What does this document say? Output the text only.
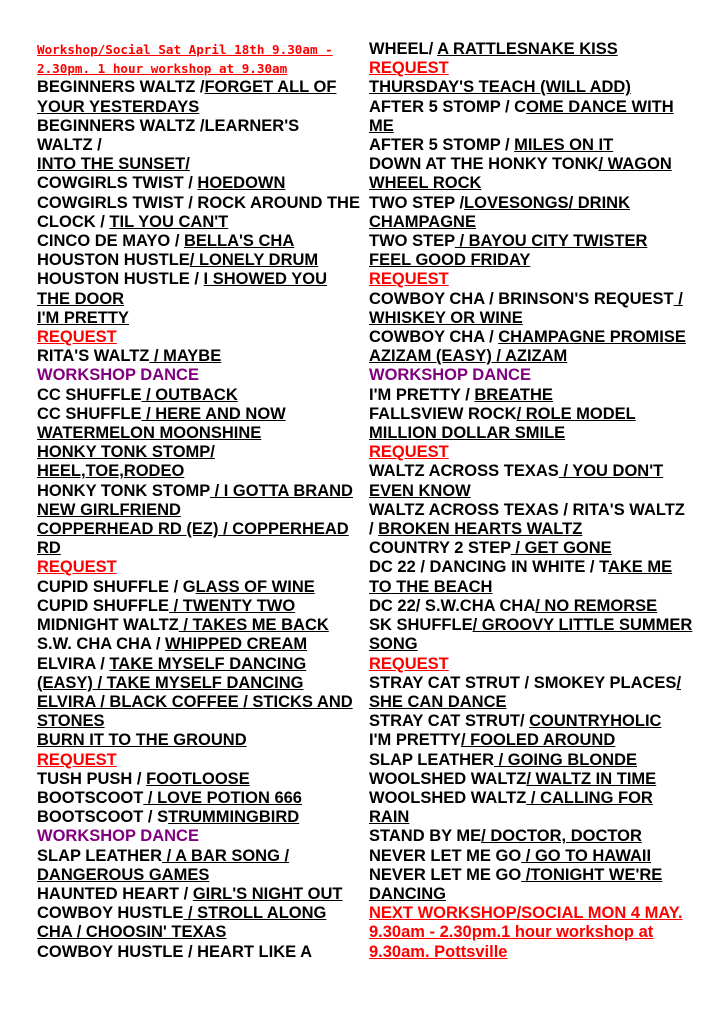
Workshop/Social Sat April 18th 9.30am -
2.30pm. 1 hour workshop at 9.30am
BEGINNERS WALTZ /FORGET ALL OF
YOUR YESTERDAYS
BEGINNERS WALTZ /LEARNER'S
WALTZ /
INTO THE SUNSET/
COWGIRLS TWIST / HOEDOWN
COWGIRLS TWIST / ROCK AROUND THE
CLOCK / TIL YOU CAN'T
CINCO DE MAYO / BELLA'S CHA
HOUSTON HUSTLE/ LONELY DRUM
HOUSTON HUSTLE / I SHOWED YOU
THE DOOR
I'M PRETTY
REQUEST
RITA'S WALTZ / MAYBE
WORKSHOP DANCE
CC SHUFFLE / OUTBACK
CC SHUFFLE / HERE AND NOW
WATERMELON MOONSHINE
HONKY TONK STOMP/
HEEL,TOE,RODEO
HONKY TONK STOMP / I GOTTA BRAND
NEW GIRLFRIEND
COPPERHEAD RD (EZ) / COPPERHEAD
RD
REQUEST
CUPID SHUFFLE / GLASS OF WINE
CUPID SHUFFLE / TWENTY TWO
MIDNIGHT WALTZ / TAKES ME BACK
S.W. CHA CHA / WHIPPED CREAM
ELVIRA / TAKE MYSELF DANCING
(EASY) / TAKE MYSELF DANCING
ELVIRA / BLACK COFFEE / STICKS AND
STONES
BURN IT TO THE GROUND
REQUEST
TUSH PUSH / FOOTLOOSE
BOOTSCOOT / LOVE POTION 666
BOOTSCOOT / STRUMMINGBIRD
WORKSHOP DANCE
SLAP LEATHER / A BAR SONG /
DANGEROUS GAMES
HAUNTED HEART / GIRL'S NIGHT OUT
COWBOY HUSTLE / STROLL ALONG
CHA / CHOOSIN' TEXAS
COWBOY HUSTLE / HEART LIKE A
WHEEL/ A RATTLESNAKE KISS
REQUEST
THURSDAY'S TEACH (WILL ADD)
AFTER 5 STOMP / COME DANCE WITH
ME
AFTER 5 STOMP / MILES ON IT
DOWN AT THE HONKY TONK/ WAGON
WHEEL ROCK
TWO STEP /LOVESONGS/ DRINK
CHAMPAGNE
TWO STEP / BAYOU CITY TWISTER
FEEL GOOD FRIDAY
REQUEST
COWBOY CHA / BRINSON'S REQUEST /
WHISKEY OR WINE
COWBOY CHA / CHAMPAGNE PROMISE
AZIZAM (EASY) / AZIZAM
WORKSHOP DANCE
I'M PRETTY / BREATHE
FALLSVIEW ROCK/ ROLE MODEL
MILLION DOLLAR SMILE
REQUEST
WALTZ ACROSS TEXAS / YOU DON'T
EVEN KNOW
WALTZ ACROSS TEXAS / RITA'S WALTZ
/ BROKEN HEARTS WALTZ
COUNTRY 2 STEP / GET GONE
DC 22 / DANCING IN WHITE / TAKE ME
TO THE BEACH
DC 22/ S.W.CHA CHA/ NO REMORSE
SK SHUFFLE/ GROOVY LITTLE SUMMER
SONG
REQUEST
STRAY CAT STRUT / SMOKEY PLACES/
SHE CAN DANCE
STRAY CAT STRUT/ COUNTRYHOLIC
I'M PRETTY/ FOOLED AROUND
SLAP LEATHER / GOING BLONDE
WOOLSHED WALTZ/ WALTZ IN TIME
WOOLSHED WALTZ / CALLING FOR
RAIN
STAND BY ME/ DOCTOR, DOCTOR
NEVER LET ME GO / GO TO HAWAII
NEVER LET ME GO /TONIGHT WE'RE
DANCING
NEXT WORKSHOP/SOCIAL MON 4 MAY.
9.30am - 2.30pm.1 hour workshop at
9.30am. Pottsville
